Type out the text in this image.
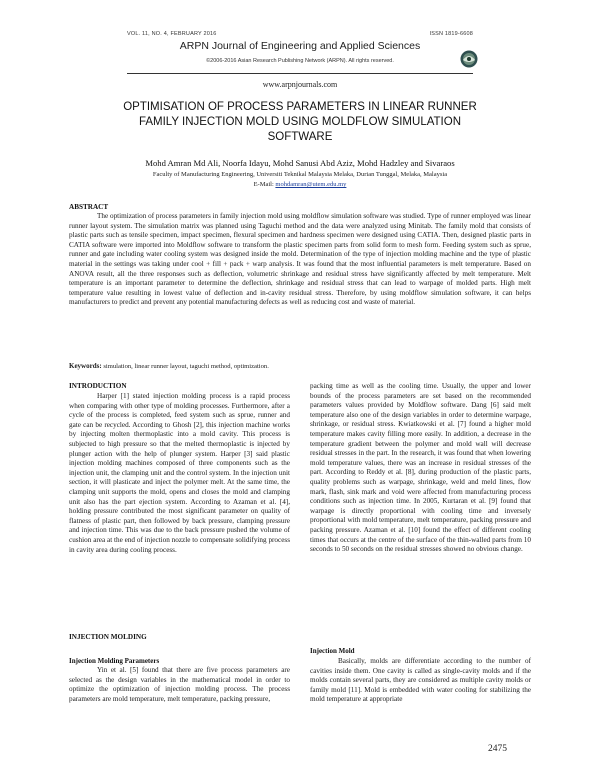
VOL. 11, NO. 4, FEBRUARY 2016	ISSN 1819-6608
ARPN Journal of Engineering and Applied Sciences
©2006-2016 Asian Research Publishing Network (ARPN). All rights reserved.
www.arpnjournals.com
OPTIMISATION OF PROCESS PARAMETERS IN LINEAR RUNNER
FAMILY INJECTION MOLD USING MOLDFLOW SIMULATION
SOFTWARE
Mohd Amran Md Ali, Noorfa Idayu, Mohd Sanusi Abd Aziz, Mohd Hadzley and Sivaraos
Faculty of Manufacturing Engineering, Universiti Teknikal Malaysia Melaka, Durian Tunggal, Melaka, Malaysia
E-Mail: mohdamran@utem.edu.my
ABSTRACT
The optimization of process parameters in family injection mold using moldflow simulation software was studied. Type of runner employed was linear runner layout system. The simulation matrix was planned using Taguchi method and the data were analyzed using Minitab. The family mold that consists of plastic parts such as tensile specimen, impact specimen, flexural specimen and hardness specimen were designed using CATIA. Then, designed plastic parts in CATIA software were imported into Moldflow software to transform the plastic specimen parts from solid form to mesh form. Feeding system such as sprue, runner and gate including water cooling system was designed inside the mold. Determination of the type of injection molding machine and the type of plastic material in the settings was taking under cool + fill + pack + warp analysis. It was found that the most influential parameters is melt temperature. Based on ANOVA result, all the three responses such as deflection, volumetric shrinkage and residual stress have significantly affected by melt temperature. Melt temperature is an important parameter to determine the deflection, shrinkage and residual stress that can lead to warpage of molded parts. High melt temperature value resulting in lowest value of deflection and in-cavity residual stress. Therefore, by using moldflow simulation software, it can helps manufacturers to predict and prevent any potential manufacturing defects as well as reducing cost and waste of material.
Keywords: simulation, linear runner layout, taguchi method, optimization.
INTRODUCTION
Harper [1] stated injection molding process is a rapid process when comparing with other type of molding processes. Furthermore, after a cycle of the process is completed, feed system such as sprue, runner and gate can be recycled. According to Ghosh [2], this injection machine works by injecting molten thermoplastic into a mold cavity. This process is subjected to high pressure so that the melted thermoplastic is injected by plunger action with the help of plunger system. Harper [3] said plastic injection molding machines composed of three components such as the injection unit, the clamping unit and the control system. In the injection unit section, it will plasticate and inject the polymer melt. At the same time, the clamping unit supports the mold, opens and closes the mold and clamping unit also has the part ejection system. According to Azaman et al. [4], holding pressure contributed the most significant parameter on quality of flatness of plastic part, then followed by back pressure, clamping pressure and injection time. This was due to the back pressure pushed the volume of cushion area at the end of injection nozzle to compensate solidifying process in cavity area during cooling process.
INJECTION MOLDING
Injection Molding Parameters
Yin et al. [5] found that there are five process parameters are selected as the design variables in the mathematical model in order to optimize the optimization of injection molding process. The process parameters are mold temperature, melt temperature, packing pressure,
packing time as well as the cooling time. Usually, the upper and lower bounds of the process parameters are set based on the recommended parameters values provided by Moldflow software. Dang [6] said melt temperature also one of the design variables in order to determine warpage, shrinkage, or residual stress. Kwiatkowski et al. [7] found a higher mold temperature makes cavity filling more easily. In addition, a decrease in the temperature gradient between the polymer and mold wall will decrease residual stresses in the part. In the research, it was found that when lowering mold temperature values, there was an increase in residual stresses of the part. According to Reddy et al. [8], during production of the plastic parts, quality problems such as warpage, shrinkage, weld and meld lines, flow mark, flash, sink mark and void were affected from manufacturing process conditions such as injection time. In 2005, Kurtaran et al. [9] found that warpage is directly proportional with cooling time and inversely proportional with mold temperature, melt temperature, packing pressure and packing pressure. Azaman et al. [10] found the effect of different cooling times that occurs at the centre of the surface of the thin-walled parts from 10 seconds to 50 seconds on the residual stresses showed no obvious change.
Injection Mold
Basically, molds are differentiate according to the number of cavities inside them. One cavity is called as single-cavity molds and if the molds contain several parts, they are considered as multiple cavity molds or family mold [11]. Mold is embedded with water cooling for stabilizing the mold temperature at appropriate
2475
